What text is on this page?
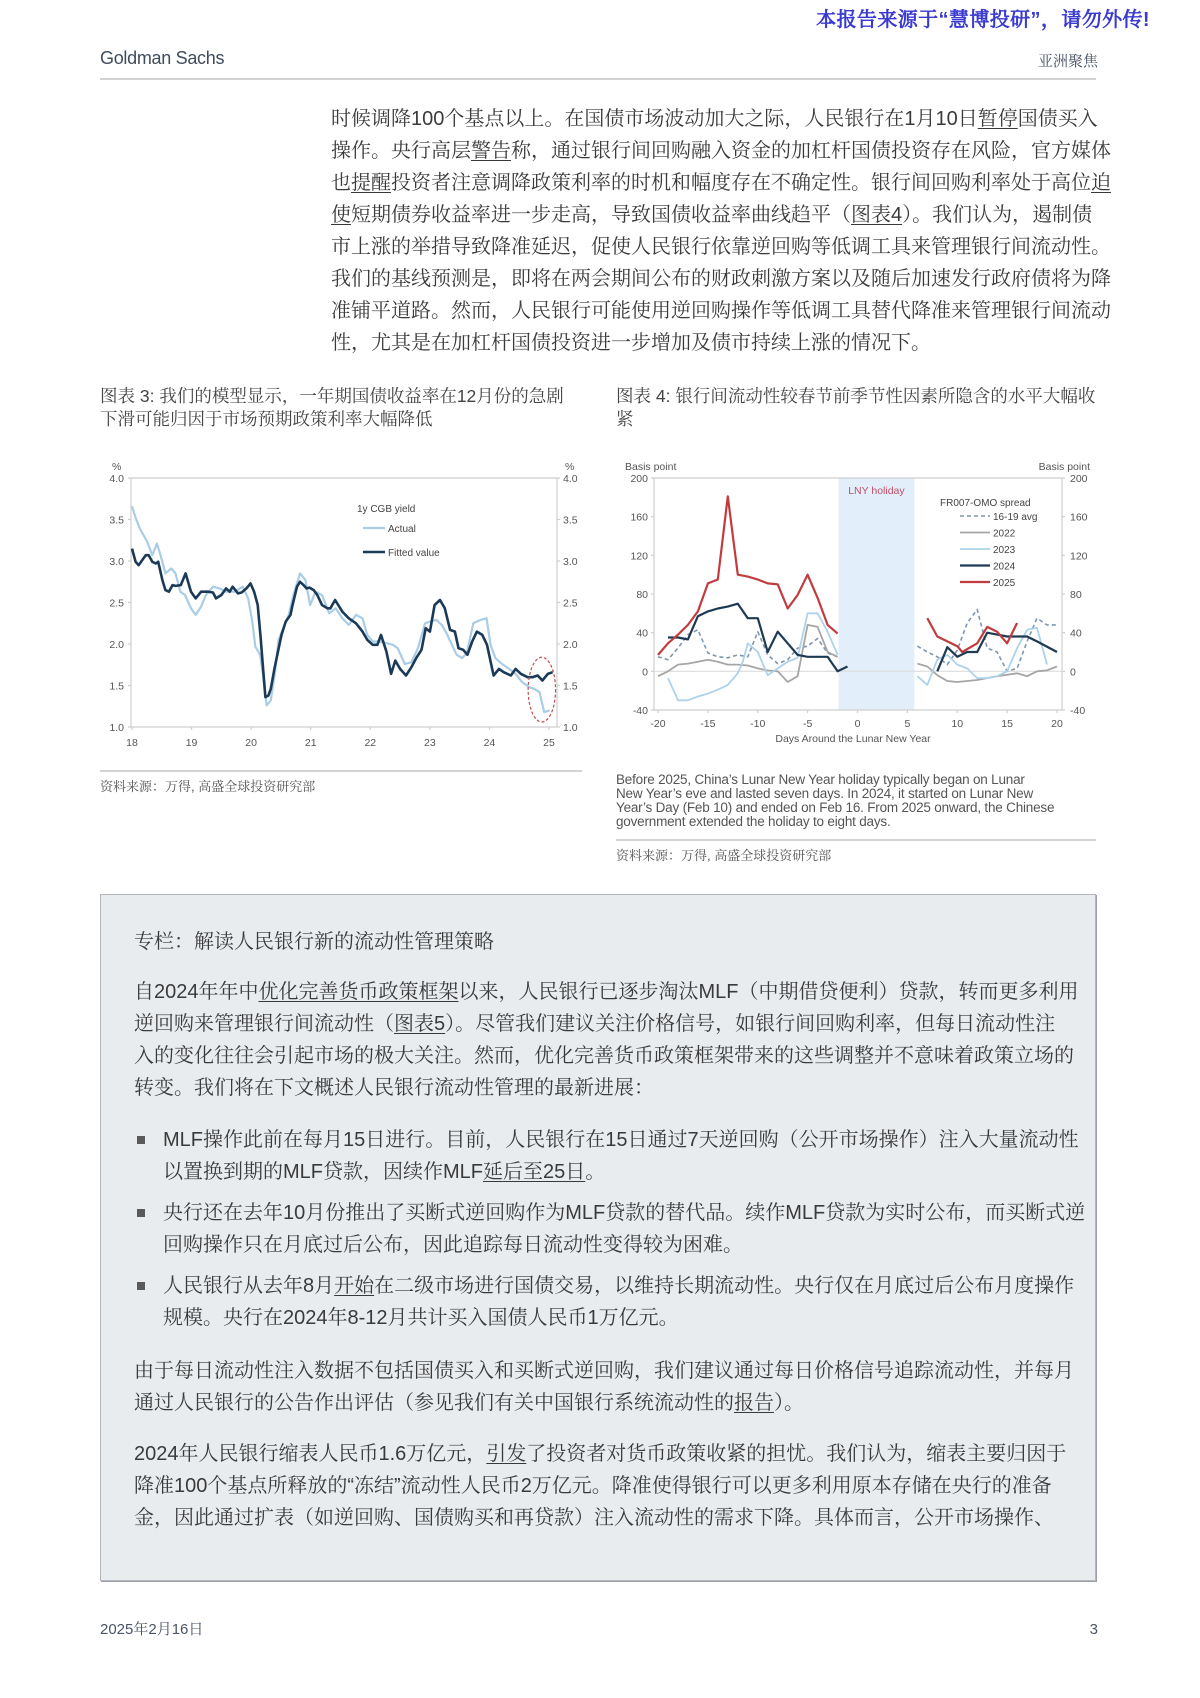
本报告来源于“慧博投研”，请勿外传!
Goldman Sachs	亚洲聚焦
时候调降100个基点以上。在国债市场波动加大之际，人民银行在1月10日暂停国债买入
操作。央行高层警告称，通过银行间回购融入资金的加杠杆国债投资存在风险，官方媒体
也提醒投资者注意调降政策利率的时机和幅度存在不确定性。银行间回购利率处于高位迫
使短期债券收益率进一步走高，导致国债收益率曲线趋平（图表4）。我们认为，遏制债
市上涨的举措导致降准延迟，促使人民银行依靠逆回购等低调工具来管理银行间流动性。
我们的基线预测是，即将在两会期间公布的财政刺激方案以及随后加速发行政府债将为降
准铺平道路。然而，人民银行可能使用逆回购操作等低调工具替代降准来管理银行间流动
性，尤其是在加杠杆国债投资进一步增加及债市持续上涨的情况下。
图表 3: 我们的模型显示，一年期国债收益率在12月份的急剧
下滑可能归因于市场预期政策利率大幅降低
1.0	1.0
1.5	1.5
2.0	2.0
2.5	2.5
3.0	3.0
3.5	3.5
4.0	4.0
18	19	20	21	22	23	24	25
%	%
1y CGB yield
Actual
Fitted value
资料来源：万得, 高盛全球投资研究部
图表 4: 银行间流动性较春节前季节性因素所隐含的水平大幅收
紧
LNY holiday
-40	-40
0	0
40	40
80	80
120	120
160	160
200	200
-20	-15	-10	-5	0	5	10	15	20
Basis point	Basis point
Days Around the Lunar New Year
FR007-OMO spread
16-19 avg
2022
2023
2024
2025
Before 2025, China’s Lunar New Year holiday typically began on Lunar
New Year’s eve and lasted seven days. In 2024, it started on Lunar New
Year’s Day (Feb 10) and ended on Feb 16. From 2025 onward, the Chinese
government extended the holiday to eight days.
资料来源：万得, 高盛全球投资研究部
专栏：解读人民银行新的流动性管理策略
自2024年年中优化完善货币政策框架以来，人民银行已逐步淘汰MLF（中期借贷便利）贷款，转而更多利用
逆回购来管理银行间流动性（图表5）。尽管我们建议关注价格信号，如银行间回购利率，但每日流动性注
入的变化往往会引起市场的极大关注。然而，优化完善货币政策框架带来的这些调整并不意味着政策立场的
转变。我们将在下文概述人民银行流动性管理的最新进展：
MLF操作此前在每月15日进行。目前，人民银行在15日通过7天逆回购（公开市场操作）注入大量流动性
以置换到期的MLF贷款，因续作MLF延后至25日。
央行还在去年10月份推出了买断式逆回购作为MLF贷款的替代品。续作MLF贷款为实时公布，而买断式逆
回购操作只在月底过后公布，因此追踪每日流动性变得较为困难。
人民银行从去年8月开始在二级市场进行国债交易，以维持长期流动性。央行仅在月底过后公布月度操作
规模。央行在2024年8-12月共计买入国债人民币1万亿元。
由于每日流动性注入数据不包括国债买入和买断式逆回购，我们建议通过每日价格信号追踪流动性，并每月
通过人民银行的公告作出评估（参见我们有关中国银行系统流动性的报告）。
2024年人民银行缩表人民币1.6万亿元，引发了投资者对货币政策收紧的担忧。我们认为，缩表主要归因于
降准100个基点所释放的“冻结”流动性人民币2万亿元。降准使得银行可以更多利用原本存储在央行的准备
金，因此通过扩表（如逆回购、国债购买和再贷款）注入流动性的需求下降。具体而言，公开市场操作、
2025年2月16日	3
